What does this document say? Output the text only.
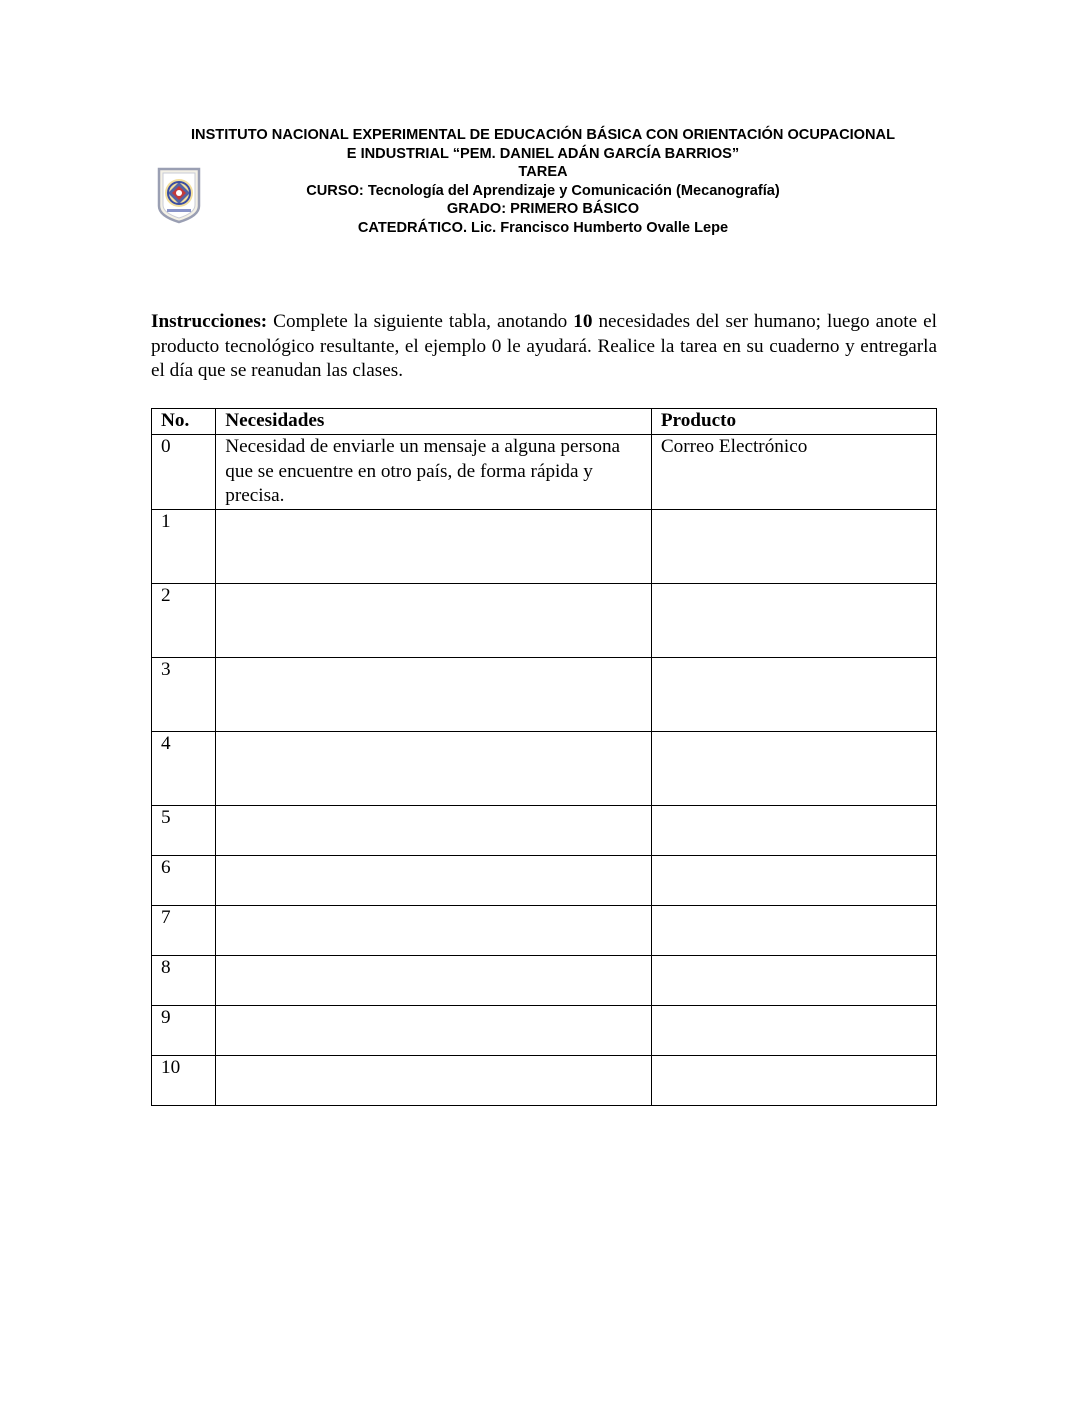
INSTITUTO NACIONAL EXPERIMENTAL DE EDUCACIÓN BÁSICA CON ORIENTACIÓN OCUPACIONAL
E INDUSTRIAL “PEM. DANIEL ADÁN GARCÍA BARRIOS”
TAREA
CURSO: Tecnología del Aprendizaje y Comunicación (Mecanografía)
GRADO: PRIMERO BÁSICO
CATEDRÁTICO. Lic. Francisco Humberto Ovalle Lepe
Instrucciones: Complete la siguiente tabla, anotando 10 necesidades del ser humano; luego anote el producto tecnológico resultante, el ejemplo 0 le ayudará. Realice la tarea en su cuaderno y entregarla el día que se reanudan las clases.
No.	Necesidades	Producto
0	Necesidad de enviarle un mensaje a alguna persona que se encuentre en otro país, de forma rápida y precisa.	Correo Electrónico
1		
2		
3		
4		
5		
6		
7		
8		
9		
10		
